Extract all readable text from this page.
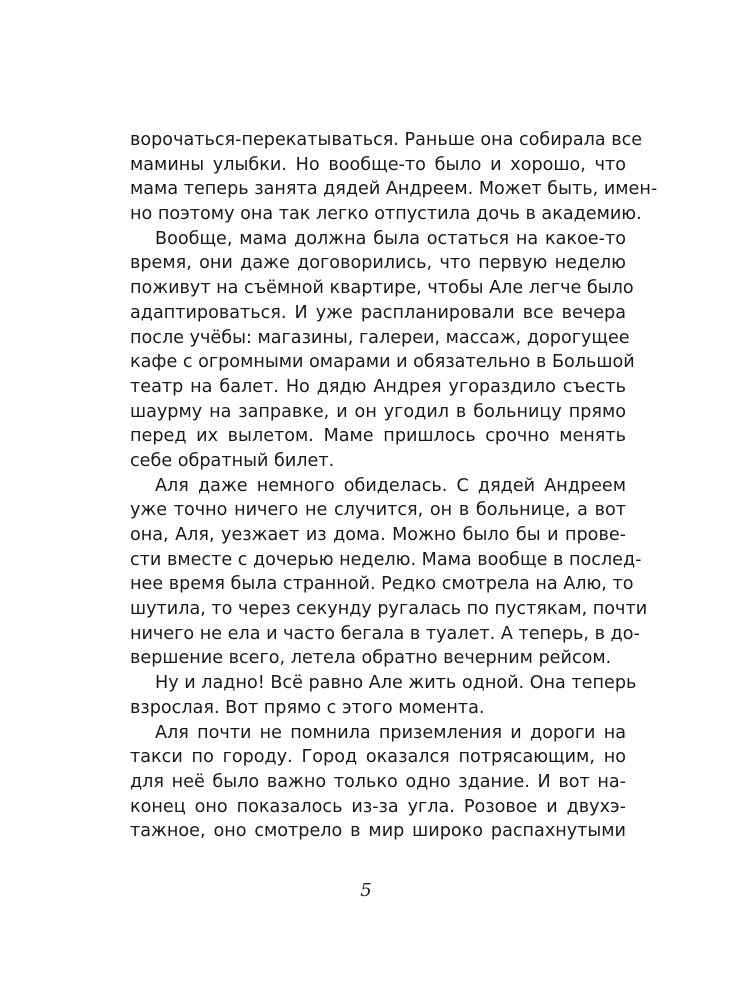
ворочаться-перекатываться. Раньше она собирала все
мамины улыбки. Но вообще-то было и хорошо, что
мама теперь занята дядей Андреем. Может быть, имен-
но поэтому она так легко отпустила дочь в академию.
Вообще, мама должна была остаться на какое-то
время, они даже договорились, что первую неделю
поживут на съёмной квартире, чтобы Але легче было
адаптироваться. И уже распланировали все вечера
после учёбы: магазины, галереи, массаж, дорогущее
кафе с огромными омарами и обязательно в Большой
театр на балет. Но дядю Андрея угораздило съесть
шаурму на заправке, и он угодил в больницу прямо
перед их вылетом. Маме пришлось срочно менять
себе обратный билет.
Аля даже немного обиделась. С дядей Андреем
уже точно ничего не случится, он в больнице, а вот
она, Аля, уезжает из дома. Можно было бы и прове-
сти вместе с дочерью неделю. Мама вообще в послед-
нее время была странной. Редко смотрела на Алю, то
шутила, то через секунду ругалась по пустякам, почти
ничего не ела и часто бегала в туалет. А теперь, в до-
вершение всего, летела обратно вечерним рейсом.
Ну и ладно! Всё равно Але жить одной. Она теперь
взрослая. Вот прямо с этого момента.
Аля почти не помнила приземления и дороги на
такси по городу. Город оказался потрясающим, но
для неё было важно только одно здание. И вот на-
конец оно показалось из-за угла. Розовое и двухэ-
тажное, оно смотрело в мир широко распахнутыми
5
